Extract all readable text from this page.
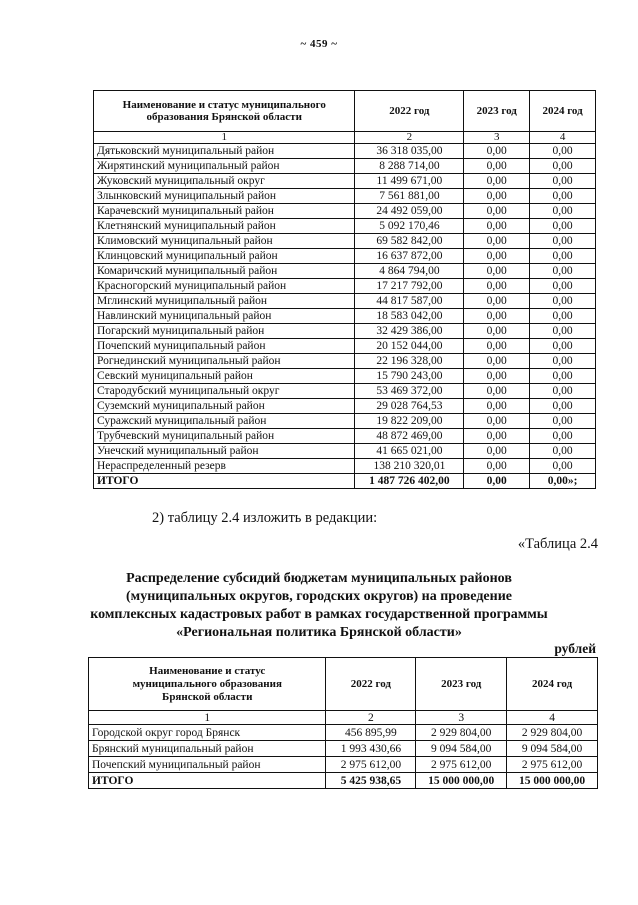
~ 459 ~
Наименование и статус муниципального образования Брянской области	2022 год	2023 год	2024 год
1	2	3	4
Дятьковский муниципальный район	36 318 035,00	0,00	0,00
Жирятинский муниципальный район	8 288 714,00	0,00	0,00
Жуковский муниципальный округ	11 499 671,00	0,00	0,00
Злынковский муниципальный район	7 561 881,00	0,00	0,00
Карачевский муниципальный район	24 492 059,00	0,00	0,00
Клетнянский муниципальный район	5 092 170,46	0,00	0,00
Климовский муниципальный район	69 582 842,00	0,00	0,00
Клинцовский муниципальный район	16 637 872,00	0,00	0,00
Комаричский муниципальный район	4 864 794,00	0,00	0,00
Красногорский муниципальный район	17 217 792,00	0,00	0,00
Мглинский муниципальный район	44 817 587,00	0,00	0,00
Навлинский муниципальный район	18 583 042,00	0,00	0,00
Погарский муниципальный район	32 429 386,00	0,00	0,00
Почепский муниципальный район	20 152 044,00	0,00	0,00
Рогнединский муниципальный район	22 196 328,00	0,00	0,00
Севский муниципальный район	15 790 243,00	0,00	0,00
Стародубский муниципальный округ	53 469 372,00	0,00	0,00
Суземский муниципальный район	29 028 764,53	0,00	0,00
Суражский муниципальный район	19 822 209,00	0,00	0,00
Трубчевский муниципальный район	48 872 469,00	0,00	0,00
Унечский муниципальный район	41 665 021,00	0,00	0,00
Нераспределенный резерв	138 210 320,01	0,00	0,00
ИТОГО	1 487 726 402,00	0,00	0,00»;
2) таблицу 2.4 изложить в редакции:
«Таблица 2.4
Распределение субсидий бюджетам муниципальных районов
(муниципальных округов, городских округов) на проведение
комплексных кадастровых работ в рамках государственной программы
«Региональная политика Брянской области»
рублей
Наименование и статус муниципального образования Брянской области	2022 год	2023 год	2024 год
1	2	3	4
Городской округ город Брянск	456 895,99	2 929 804,00	2 929 804,00
Брянский муниципальный район	1 993 430,66	9 094 584,00	9 094 584,00
Почепский муниципальный район	2 975 612,00	2 975 612,00	2 975 612,00
ИТОГО	5 425 938,65	15 000 000,00	15 000 000,00
